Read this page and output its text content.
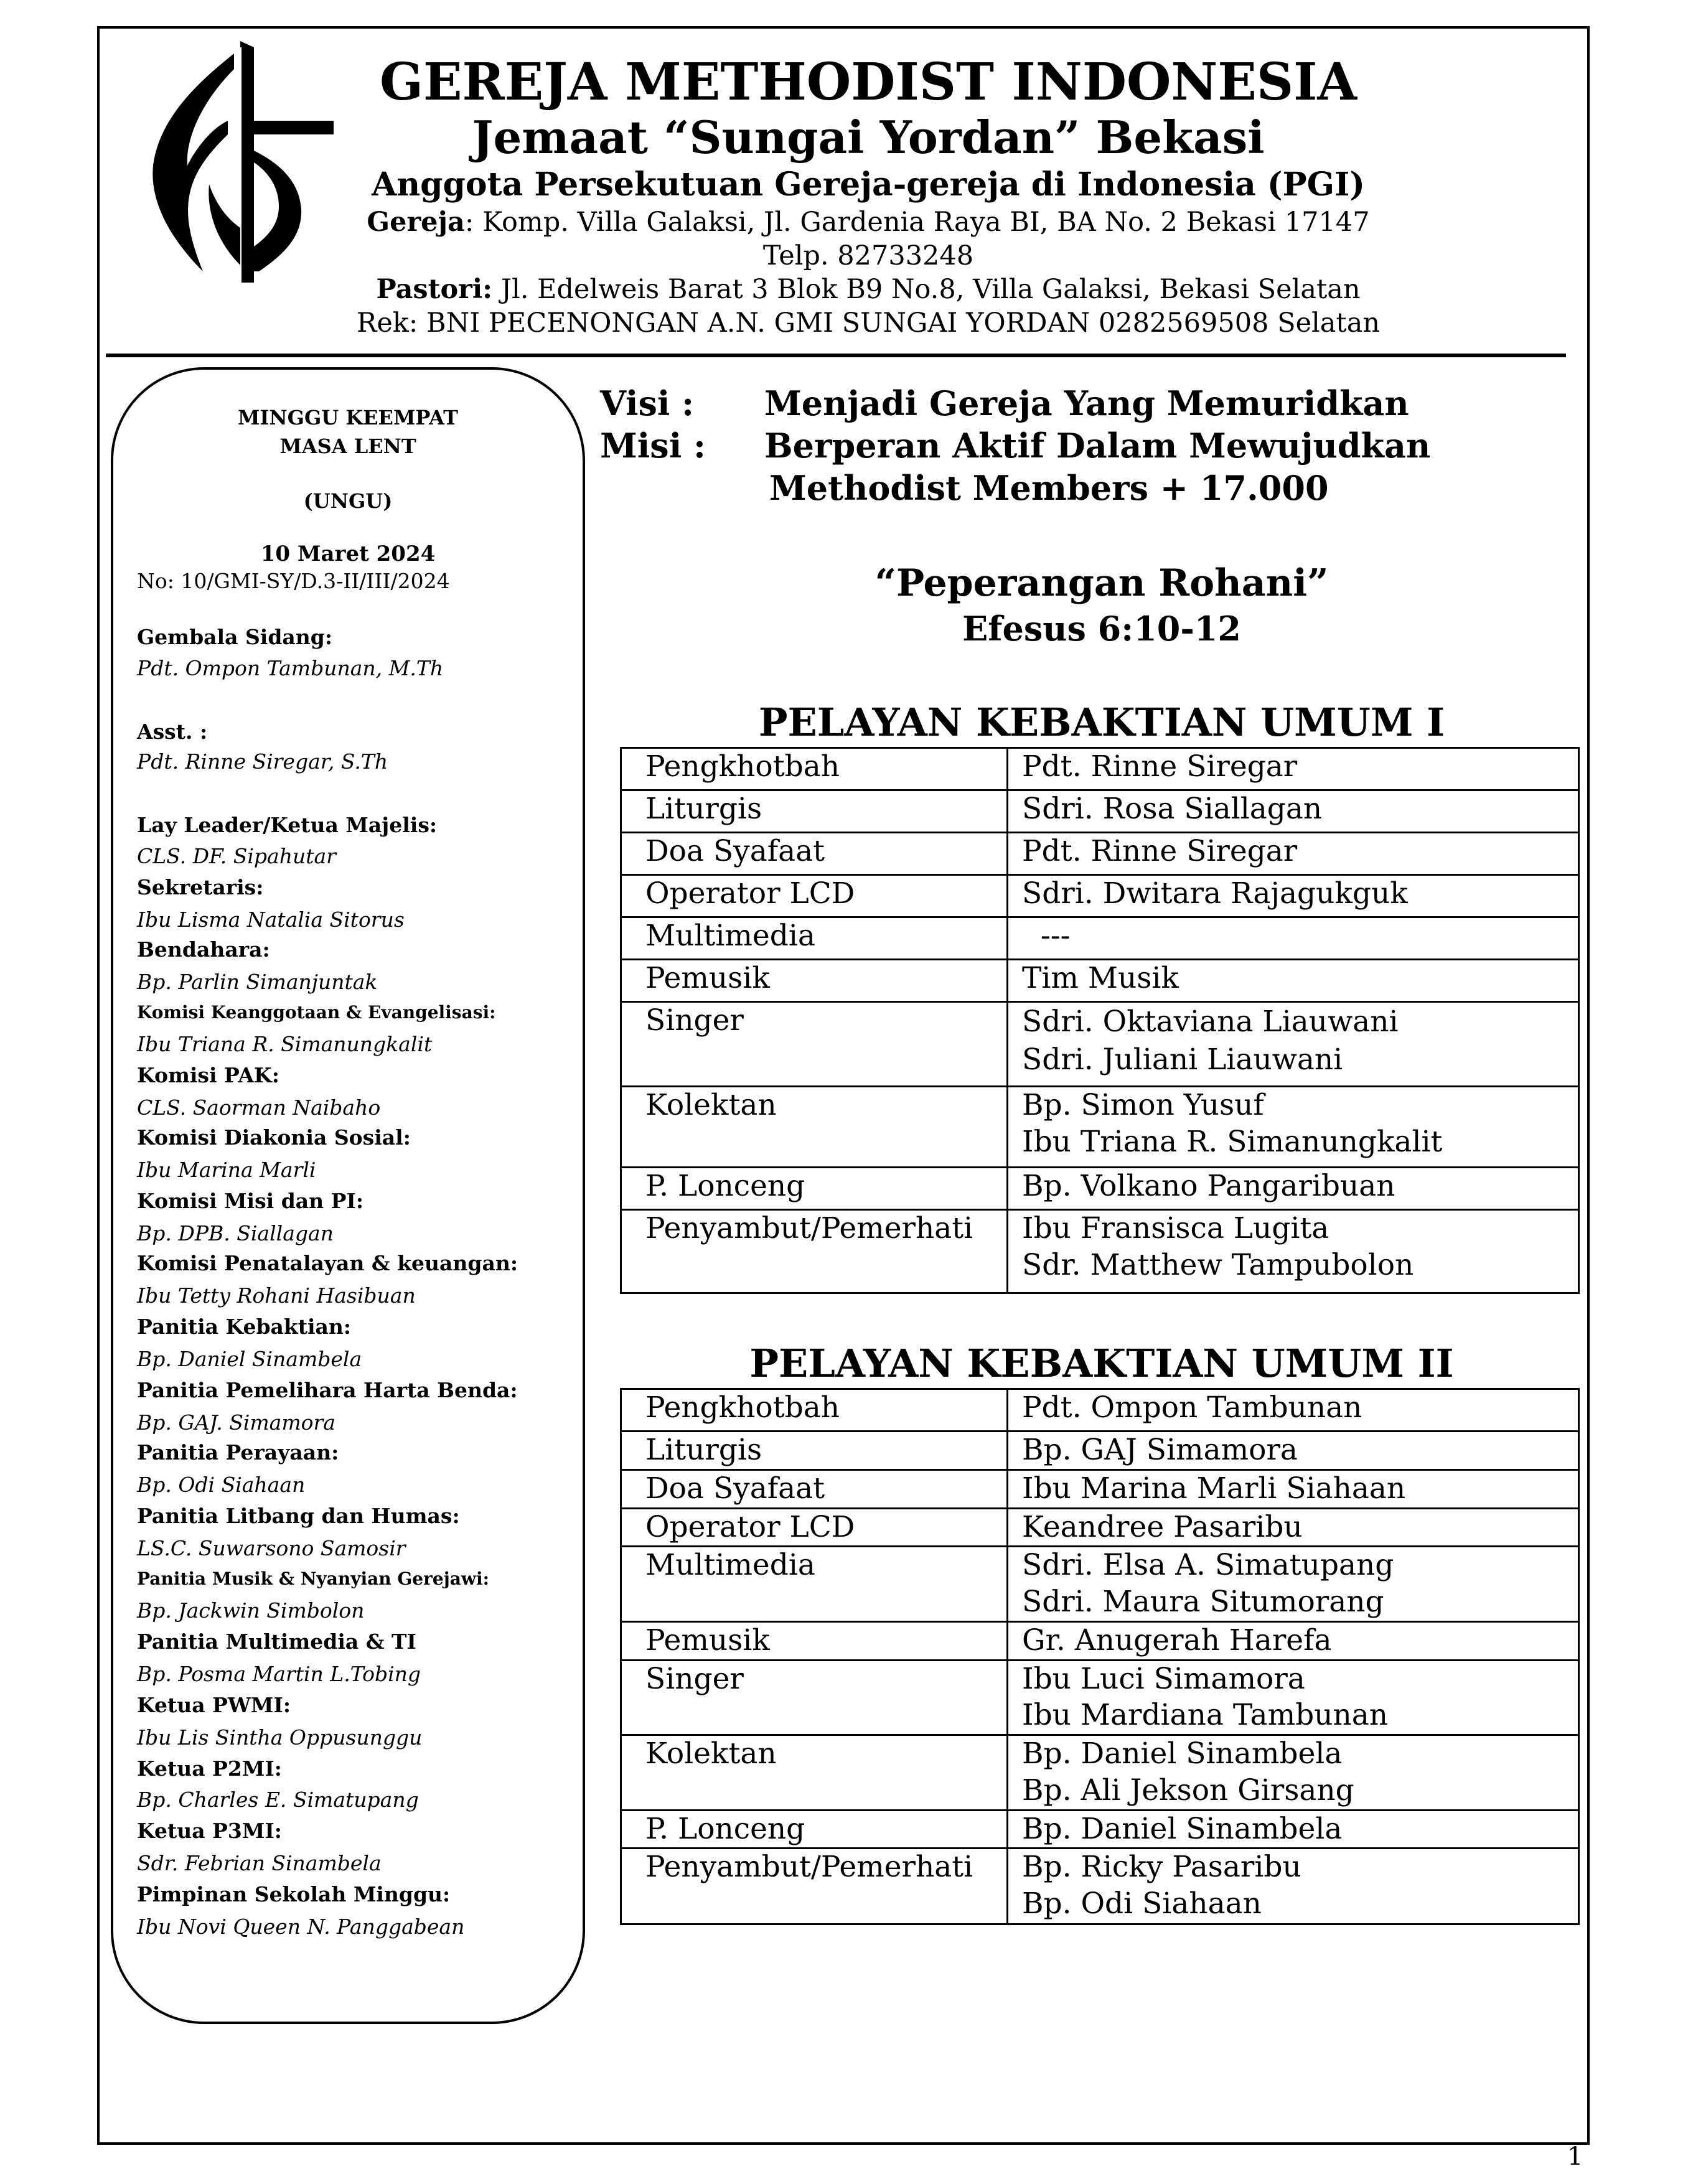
GEREJA METHODIST INDONESIA
Jemaat “Sungai Yordan” Bekasi
Anggota Persekutuan Gereja-gereja di Indonesia (PGI)
Gereja: Komp. Villa Galaksi, Jl. Gardenia Raya BI, BA No. 2 Bekasi 17147
Telp. 82733248
Pastori: Jl. Edelweis Barat 3 Blok B9 No.8, Villa Galaksi, Bekasi Selatan
Rek: BNI PECENONGAN A.N. GMI SUNGAI YORDAN 0282569508 Selatan
MINGGU KEEMPAT
MASA LENT
(UNGU)
10 Maret 2024
No: 10/GMI-SY/D.3-II/III/2024
Gembala Sidang:
Pdt. Ompon Tambunan, M.Th
Asst. :
Pdt. Rinne Siregar, S.Th
Lay Leader/Ketua Majelis:
CLS. DF. Sipahutar
Sekretaris:
Ibu Lisma Natalia Sitorus
Bendahara:
Bp. Parlin Simanjuntak
Komisi Keanggotaan & Evangelisasi:
Ibu Triana R. Simanungkalit
Komisi PAK:
CLS. Saorman Naibaho
Komisi Diakonia Sosial:
Ibu Marina Marli
Komisi Misi dan PI:
Bp. DPB. Siallagan
Komisi Penatalayan & keuangan:
Ibu Tetty Rohani Hasibuan
Panitia Kebaktian:
Bp. Daniel Sinambela
Panitia Pemelihara Harta Benda:
Bp. GAJ. Simamora
Panitia Perayaan:
Bp. Odi Siahaan
Panitia Litbang dan Humas:
LS.C. Suwarsono Samosir
Panitia Musik & Nyanyian Gerejawi:
Bp. Jackwin Simbolon
Panitia Multimedia & TI
Bp. Posma Martin L.Tobing
Ketua PWMI:
Ibu Lis Sintha Oppusunggu
Ketua P2MI:
Bp. Charles E. Simatupang
Ketua P3MI:
Sdr. Febrian Sinambela
Pimpinan Sekolah Minggu:
Ibu Novi Queen N. Panggabean
Visi : Menjadi Gereja Yang Memuridkan
Misi : Berperan Aktif Dalam Mewujudkan
Methodist Members + 17.000
“Peperangan Rohani”
Efesus 6:10-12
PELAYAN KEBAKTIAN UMUM I
Pengkhotbah	Pdt. Rinne Siregar
Liturgis	Sdri. Rosa Siallagan
Doa Syafaat	Pdt. Rinne Siregar
Operator LCD	Sdri. Dwitara Rajagukguk
Multimedia	---
Pemusik	Tim Musik
Singer	Sdri. Oktaviana Liauwani
Sdri. Juliani Liauwani

Kolektan	Bp. Simon Yusuf
Ibu Triana R. Simanungkalit

P. Lonceng	Bp. Volkano Pangaribuan
Penyambut/Pemerhati	Ibu Fransisca Lugita
Sdr. Matthew Tampubolon
PELAYAN KEBAKTIAN UMUM II
Pengkhotbah	Pdt. Ompon Tambunan
Liturgis	Bp. GAJ Simamora
Doa Syafaat	Ibu Marina Marli Siahaan
Operator LCD	Keandree Pasaribu
Multimedia	Sdri. Elsa A. Simatupang
Sdri. Maura Situmorang

Pemusik	Gr. Anugerah Harefa
Singer	Ibu Luci Simamora
Ibu Mardiana Tambunan

Kolektan	Bp. Daniel Sinambela
Bp. Ali Jekson Girsang

P. Lonceng	Bp. Daniel Sinambela
Penyambut/Pemerhati	Bp. Ricky Pasaribu
Bp. Odi Siahaan
1
